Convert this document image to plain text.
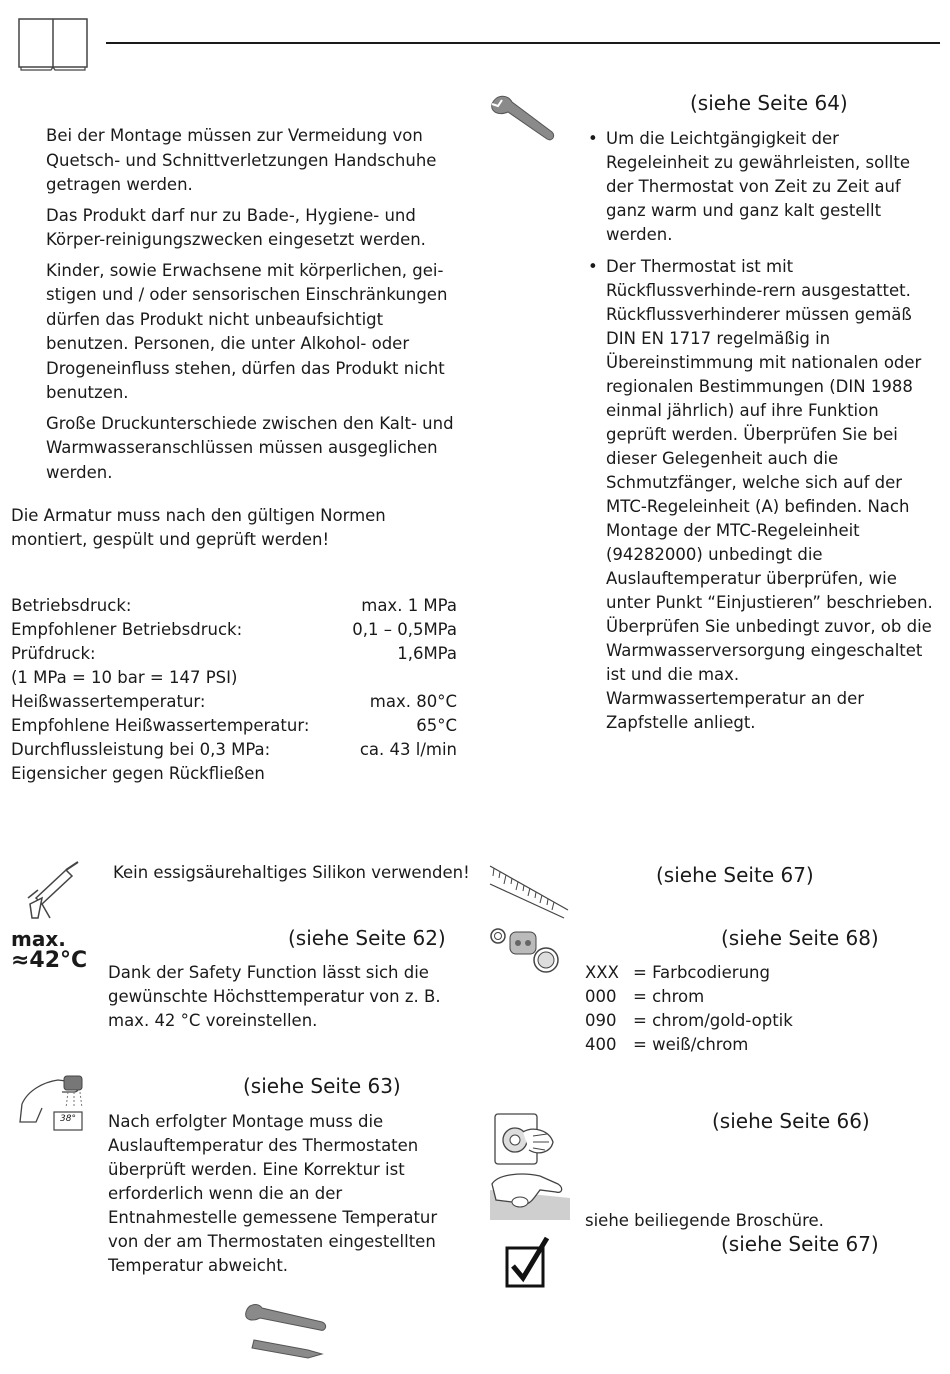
Bei der Montage müssen zur Vermeidung von Quetsch- und Schnittverletzungen Handschuhe getragen werden.

Das Produkt darf nur zu Bade-, Hygiene- und Körper-reinigungszwecken eingesetzt werden.

Kinder, sowie Erwachsene mit körperlichen, gei-stigen und / oder sensorischen Einschränkungen dürfen das Produkt nicht unbeaufsichtigt benutzen. Personen, die unter Alkohol- oder Drogeneinfluss stehen, dürfen das Produkt nicht benutzen.

Große Druckunterschiede zwischen den Kalt- und Warmwasseranschlüssen müssen ausgeglichen werden.

Die Armatur muss nach den gültigen Normen montiert, gespült und geprüft werden!
Betriebsdruck:	max. 1 MPa
Empfohlener Betriebsdruck:	0,1 – 0,5MPa
Prüfdruck:	1,6MPa
(1 MPa = 10 bar = 147 PSI)
Heißwassertemperatur:	max. 80°C
Empfohlene Heißwassertemperatur:	65°C
Durchflussleistung bei 0,3 MPa:	ca. 43 l/min
Eigensicher gegen Rückfließen
(siehe Seite 64)
• Um die Leichtgängigkeit der Regeleinheit zu gewährleisten, sollte der Thermostat von Zeit zu Zeit auf ganz warm und ganz kalt gestellt werden.
• Der Thermostat ist mit Rückflussverhinde-rern ausgestattet. Rückflussverhinderer müssen gemäß DIN EN 1717 regelmäßig in Übereinstimmung mit nationalen oder regionalen Bestimmungen (DIN 1988 einmal jährlich) auf ihre Funktion geprüft werden. Überprüfen Sie bei dieser Gelegenheit auch die Schmutzfänger, welche sich auf der MTC-Regeleinheit (A) befinden. Nach Montage der MTC-Regeleinheit (94282000) unbedingt die Auslauftemperatur überprüfen, wie unter Punkt “Einjustieren” beschrieben. Überprüfen Sie unbedingt zuvor, ob die Warmwasserversorgung eingeschaltet ist und die max. Warmwassertemperatur an der Zapfstelle anliegt.
Kein essigsäurehaltiges Silikon verwenden!
max.
≈42°C
(siehe Seite 62)
Dank der Safety Function lässt sich die gewünschte Höchsttemperatur von z. B. max. 42 °C voreinstellen.
38°
(siehe Seite 63)
Nach erfolgter Montage muss die Auslauftemperatur des Thermostaten überprüft werden. Eine Korrektur ist erforderlich wenn die an der Entnahmestelle gemessene Temperatur von der am Thermostaten eingestellten Temperatur abweicht.
(siehe Seite 67)
(siehe Seite 68)
XXX = Farbcodierung
000	= chrom
090	= chrom/gold-optik
400	= weiß/chrom
(siehe Seite 66)
siehe beiliegende Broschüre.
(siehe Seite 67)
